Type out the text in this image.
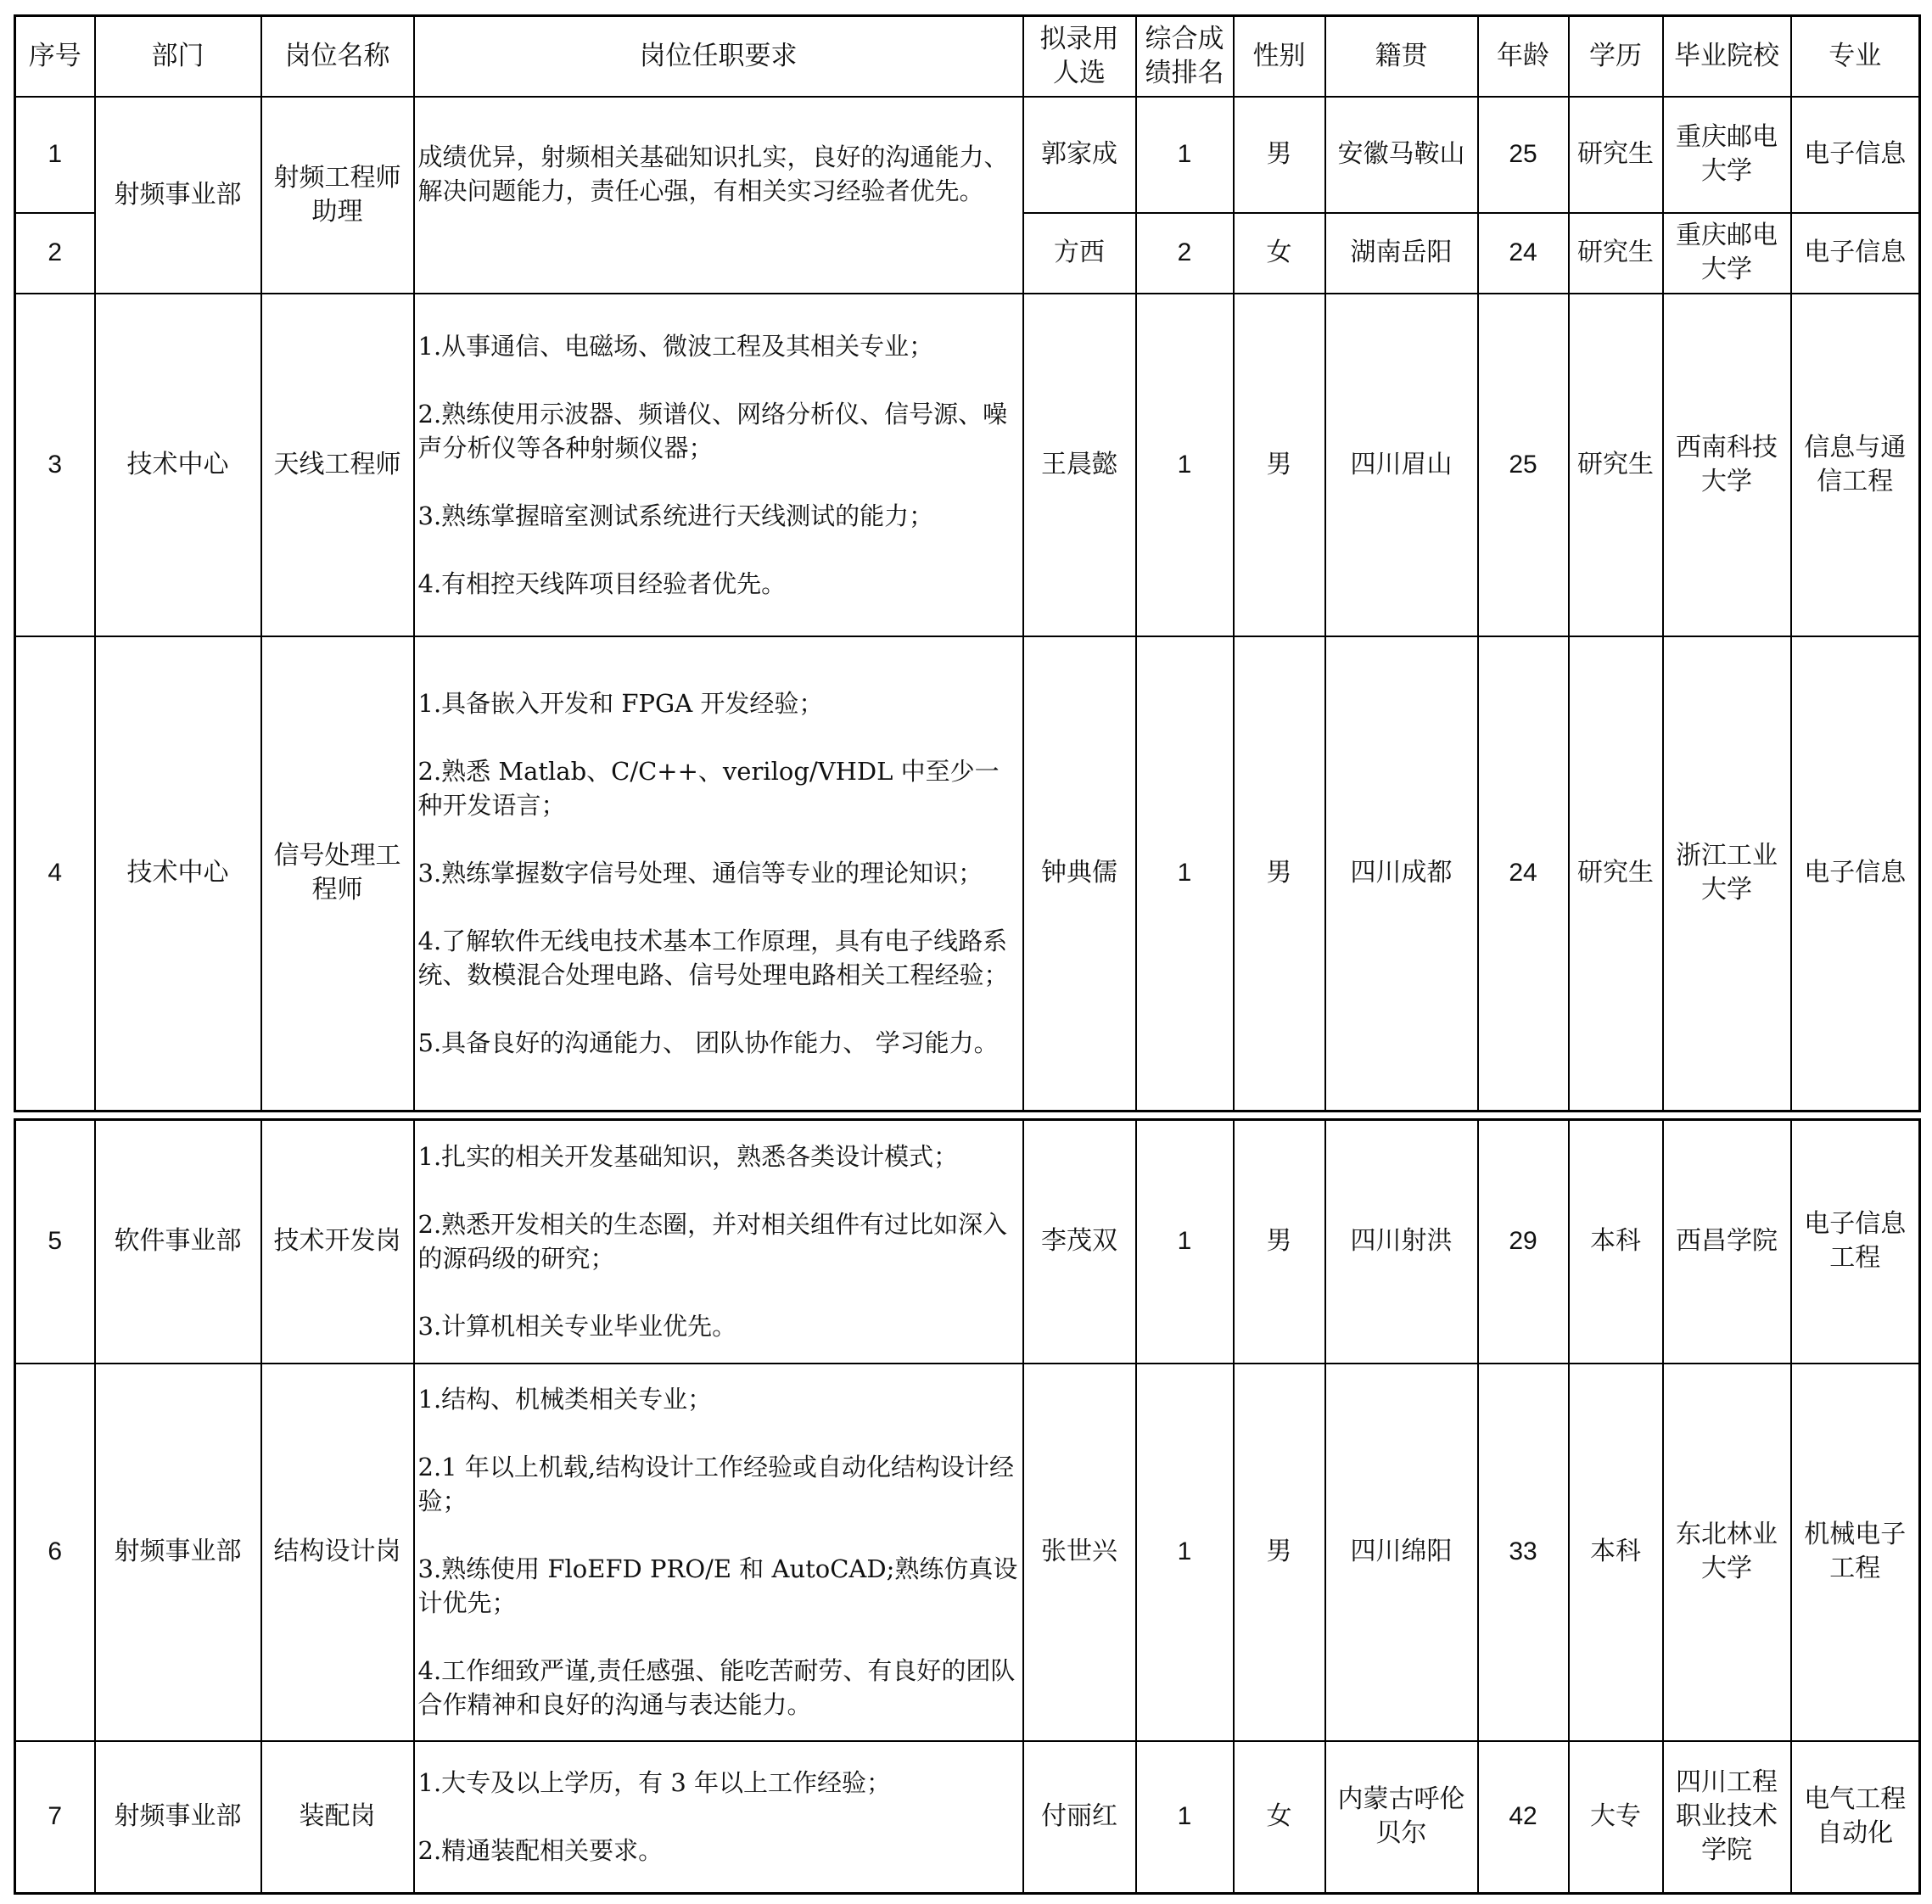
序号	部门	岗位名称	岗位任职要求	拟录用人选	综合成绩排名	性别	籍贯	年龄	学历	毕业院校	专业
1	射频事业部	射频工程师助理	成绩优异，射频相关基础知识扎实，良好的沟通能力、解决问题能力，责任心强，有相关实习经验者优先。	郭家成	1	男	安徽马鞍山	25	研究生	重庆邮电大学	电子信息
2				方西	2	女	湖南岳阳	24	研究生	重庆邮电大学	电子信息
3	技术中心	天线工程师	1.从事通信、电磁场、微波工程及其相关专业；

2.熟练使用示波器、频谱仪、网络分析仪、信号源、噪声分析仪等各种射频仪器；

3.熟练掌握暗室测试系统进行天线测试的能力；

4.有相控天线阵项目经验者优先。	王晨懿	1	男	四川眉山	25	研究生	西南科技大学	信息与通信工程
4	技术中心	信号处理工程师	1.具备嵌入开发和 FPGA 开发经验；

2.熟悉 Matlab、C/C++、verilog/VHDL 中至少一种开发语言；

3.熟练掌握数字信号处理、通信等专业的理论知识；

4.了解软件无线电技术基本工作原理，具有电子线路系统、数模混合处理电路、信号处理电路相关工程经验；

5.具备良好的沟通能力、 团队协作能力、 学习能力。	钟典儒	1	男	四川成都	24	研究生	浙江工业大学	电子信息
5	软件事业部	技术开发岗	1.扎实的相关开发基础知识，熟悉各类设计模式；

2.熟悉开发相关的生态圈，并对相关组件有过比如深入的源码级的研究；

3.计算机相关专业毕业优先。	李茂双	1	男	四川射洪	29	本科	西昌学院	电子信息工程
6	射频事业部	结构设计岗	1.结构、机械类相关专业；

2.1 年以上机载,结构设计工作经验或自动化结构设计经验；

3.熟练使用 FloEFD PRO/E 和 AutoCAD;熟练仿真设计优先；

4.工作细致严谨,责任感强、能吃苦耐劳、有良好的团队合作精神和良好的沟通与表达能力。	张世兴	1	男	四川绵阳	33	本科	东北林业大学	机械电子工程
7	射频事业部	装配岗	1.大专及以上学历，有 3 年以上工作经验；

2.精通装配相关要求。	付丽红	1	女	内蒙古呼伦贝尔	42	大专	四川工程职业技术学院	电气工程自动化
